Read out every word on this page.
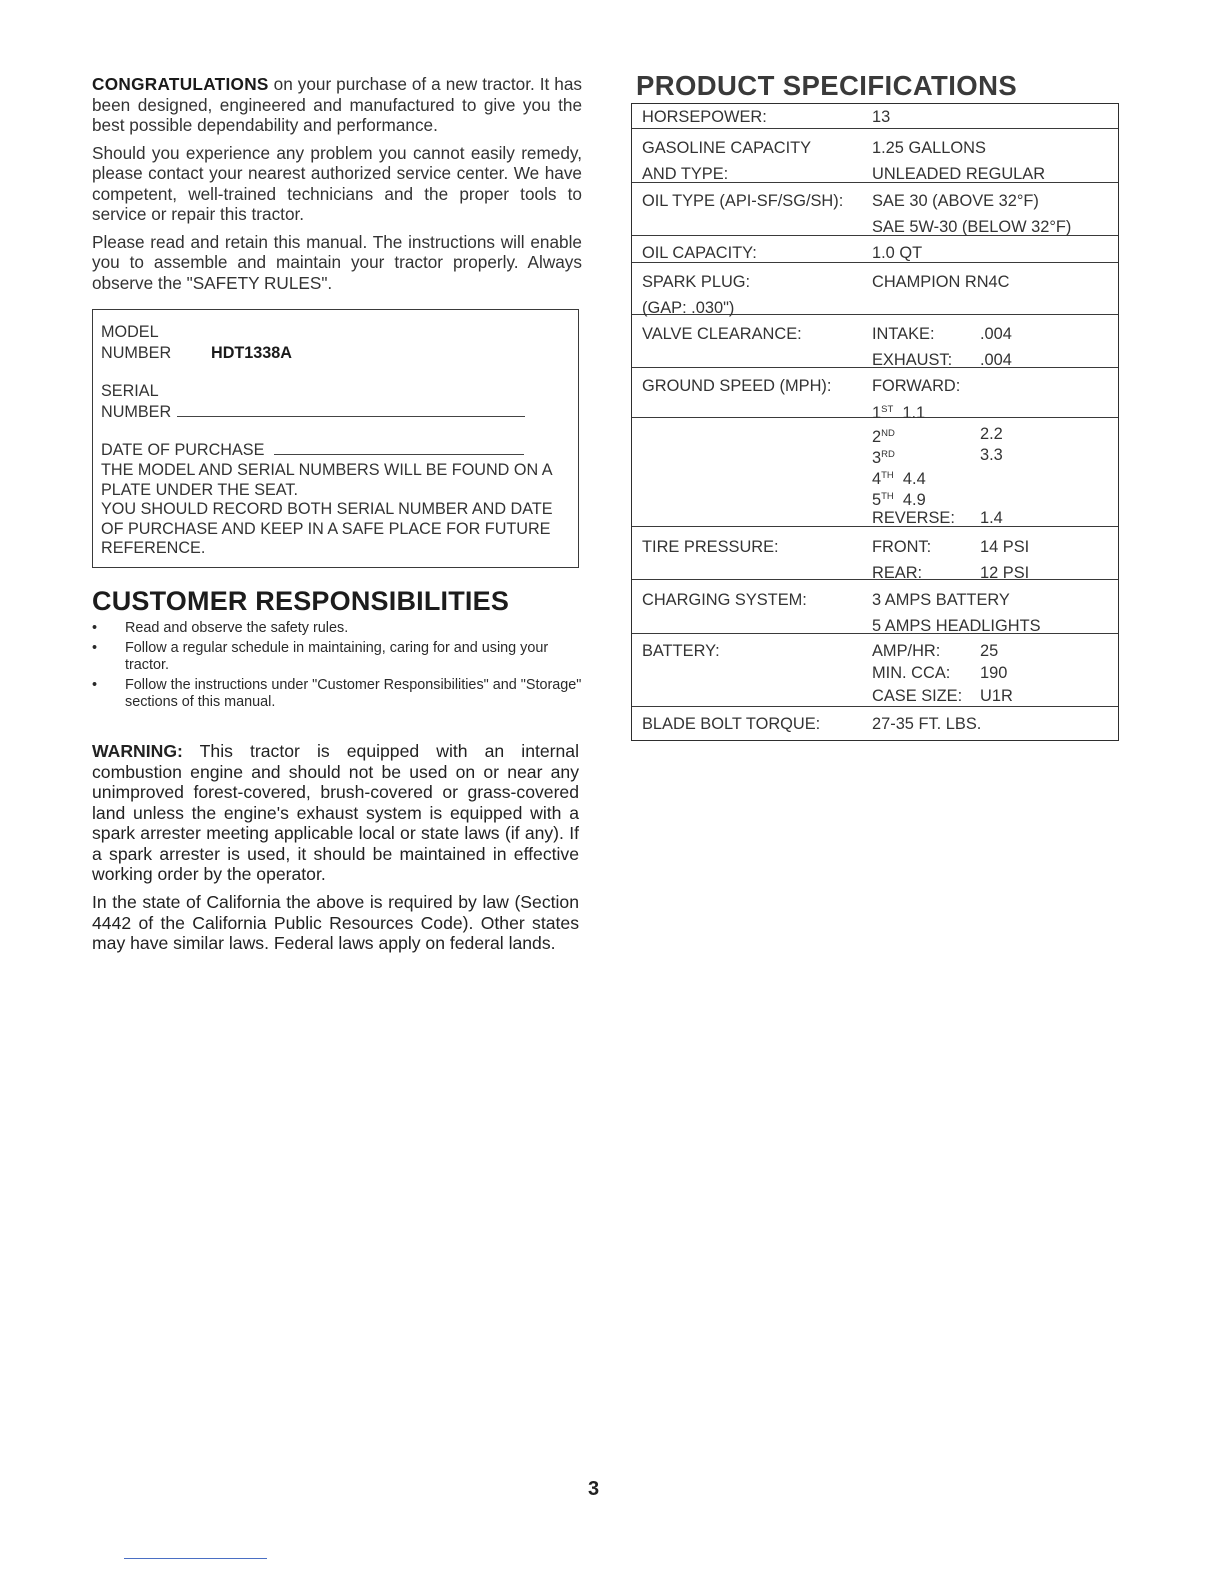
CONGRATULATIONS on your purchase of a new tractor. It has been designed, engineered and manufactured to give you the best possible dependability and performance.

Should you experience any problem you cannot easily remedy, please contact your nearest authorized service center. We have competent, well-trained technicians and the proper tools to service or repair this tractor.

Please read and retain this manual. The instructions will enable you to assemble and maintain your tractor properly. Always observe the "SAFETY RULES".

MODEL
NUMBER HDT1338A
SERIAL
NUMBER
DATE OF PURCHASE
THE MODEL AND SERIAL NUMBERS WILL BE FOUND ON A PLATE UNDER THE SEAT.
YOU SHOULD RECORD BOTH SERIAL NUMBER AND DATE OF PURCHASE AND KEEP IN A SAFE PLACE FOR FUTURE REFERENCE.
CUSTOMER RESPONSIBILITIES
• Read and observe the safety rules.
• Follow a regular schedule in maintaining, caring for and using your tractor.
• Follow the instructions under "Customer Responsibilities" and "Storage" sections of this manual.

WARNING: This tractor is equipped with an internal combustion engine and should not be used on or near any unimproved forest-covered, brush-covered or grass-covered land unless the engine's exhaust system is equipped with a spark arrester meeting applicable local or state laws (if any). If a spark arrester is used, it should be maintained in effective working order by the operator.

In the state of California the above is required by law (Section 4442 of the California Public Resources Code). Other states may have similar laws. Federal laws apply on federal lands.

PRODUCT SPECIFICATIONS
HORSEPOWER:	13
GASOLINE CAPACITY	1.25 GALLONS
AND TYPE:	UNLEADED REGULAR
OIL TYPE (API-SF/SG/SH): SAE 30 (ABOVE 32°F)
SAE 5W-30 (BELOW 32°F)
OIL CAPACITY:	1.0 QT
SPARK PLUG:	CHAMPION RN4C
(GAP: .030")
VALVE CLEARANCE:	INTAKE:	.004
EXHAUST: .004
GROUND SPEED (MPH): FORWARD:
1ST 1.1
2ND	2.2
3RD	3.3
4TH 4.4
5TH 4.9
REVERSE: 1.4
TIRE PRESSURE:	FRONT:	14 PSI
REAR:	12 PSI
CHARGING SYSTEM:	3 AMPS BATTERY
5 AMPS HEADLIGHTS
BATTERY:	AMP/HR: 25
MIN. CCA: 190
CASE SIZE: U1R
BLADE BOLT TORQUE:	27-35 FT. LBS.
3
